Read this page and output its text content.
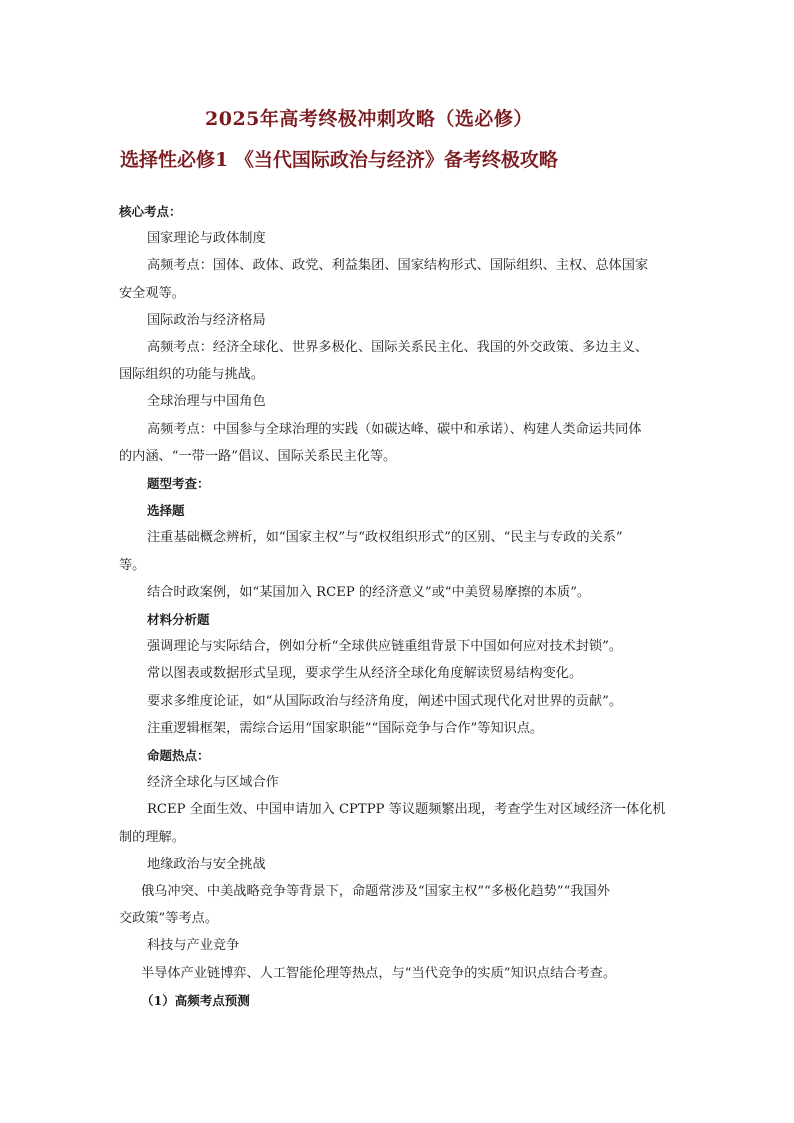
2025年高考终极冲刺攻略（选必修）
选择性必修1 《当代国际政治与经济》备考终极攻略
核心考点：
国家理论与政体制度
高频考点：国体、政体、政党、利益集团、国家结构形式、国际组织、主权、总体国家
安全观等。
国际政治与经济格局
高频考点：经济全球化、世界多极化、国际关系民主化、我国的外交政策、多边主义、
国际组织的功能与挑战。
全球治理与中国角色
高频考点：中国参与全球治理的实践（如碳达峰、碳中和承诺）、构建人类命运共同体
的内涵、“一带一路”倡议、国际关系民主化等。
题型考查：
选择题
注重基础概念辨析，如“国家主权”与“政权组织形式”的区别、“民主与专政的关系”
等。
结合时政案例，如“某国加入 RCEP 的经济意义”或“中美贸易摩擦的本质”。
材料分析题
强调理论与实际结合，例如分析“全球供应链重组背景下中国如何应对技术封锁”。
常以图表或数据形式呈现，要求学生从经济全球化角度解读贸易结构变化。
要求多维度论证，如“从国际政治与经济角度，阐述中国式现代化对世界的贡献”。
注重逻辑框架，需综合运用“国家职能”“国际竞争与合作”等知识点。
命题热点：
经济全球化与区域合作
RCEP 全面生效、中国申请加入 CPTPP 等议题频繁出现，考查学生对区域经济一体化机
制的理解。
地缘政治与安全挑战
俄乌冲突、中美战略竞争等背景下，命题常涉及“国家主权”“多极化趋势”“我国外
交政策”等考点。
科技与产业竞争
半导体产业链博弈、人工智能伦理等热点，与“当代竞争的实质”知识点结合考查。
（1）高频考点预测
